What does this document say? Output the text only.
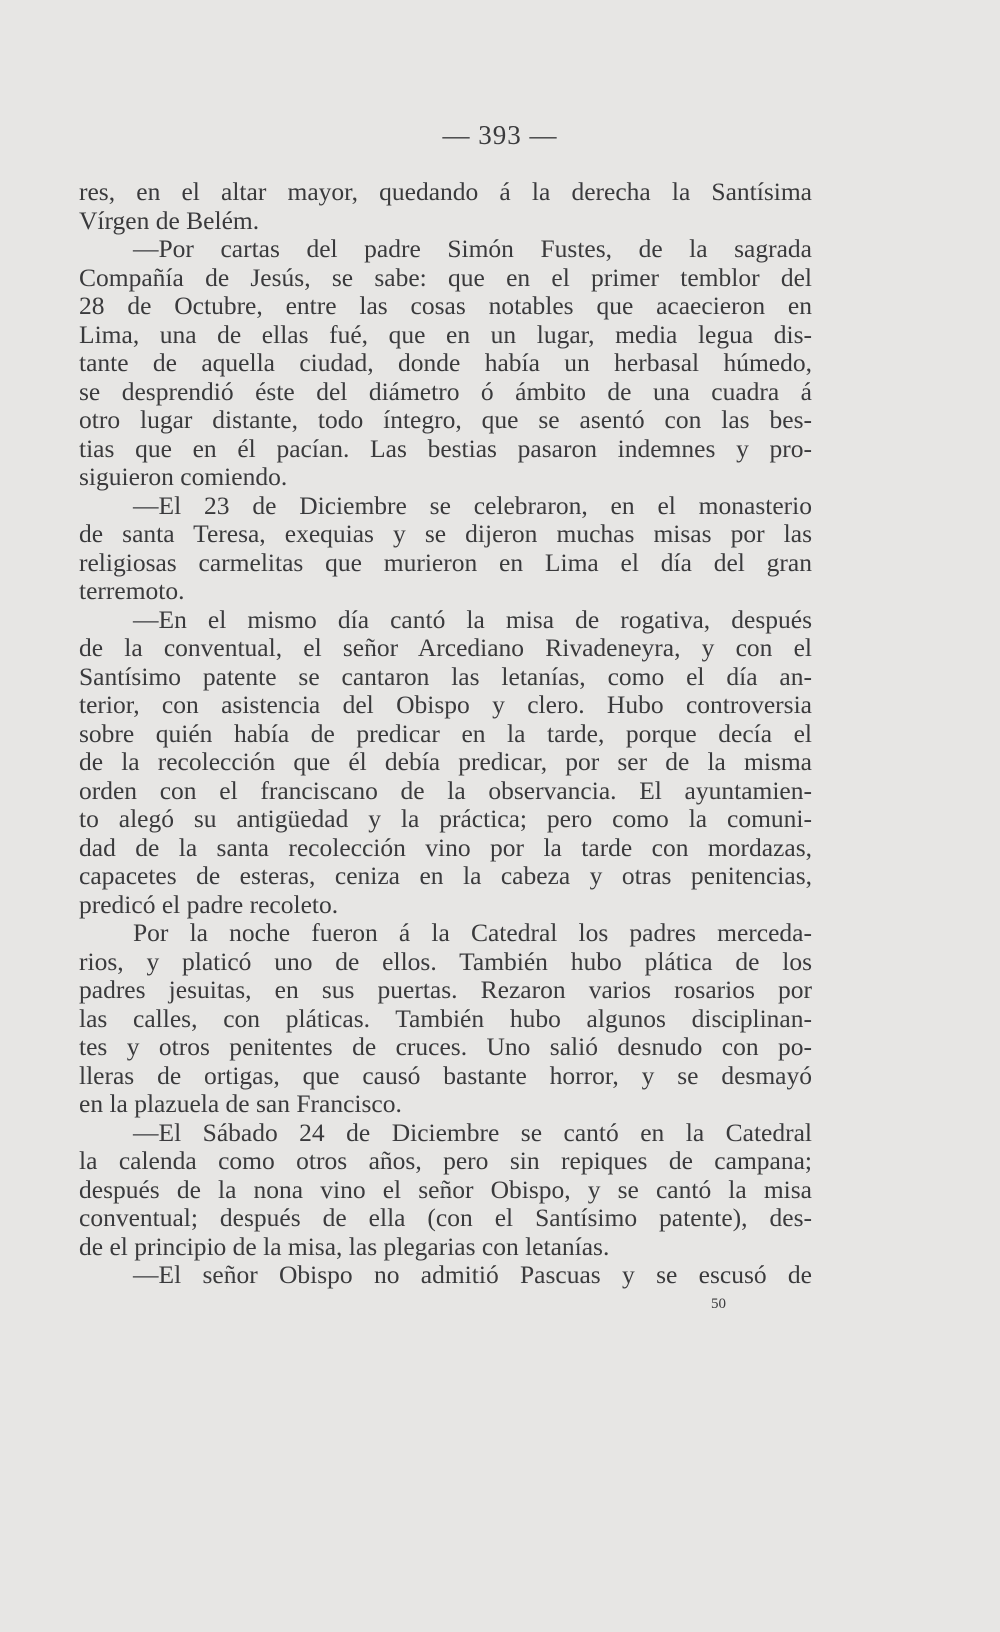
— 393 —
res, en el altar mayor, quedando á la derecha la Santísima
Vírgen de Belém.
—Por cartas del padre Simón Fustes, de la sagrada
Compañía de Jesús, se sabe: que en el primer temblor del
28 de Octubre, entre las cosas notables que acaecieron en
Lima, una de ellas fué, que en un lugar, media legua dis-
tante de aquella ciudad, donde había un herbasal húmedo,
se desprendió éste del diámetro ó ámbito de una cuadra á
otro lugar distante, todo íntegro, que se asentó con las bes-
tias que en él pacían. Las bestias pasaron indemnes y pro-
siguieron comiendo.
—El 23 de Diciembre se celebraron, en el monasterio
de santa Teresa, exequias y se dijeron muchas misas por las
religiosas carmelitas que murieron en Lima el día del gran
terremoto.
—En el mismo día cantó la misa de rogativa, después
de la conventual, el señor Arcediano Rivadeneyra, y con el
Santísimo patente se cantaron las letanías, como el día an-
terior, con asistencia del Obispo y clero. Hubo controversia
sobre quién había de predicar en la tarde, porque decía el
de la recolección que él debía predicar, por ser de la misma
orden con el franciscano de la observancia. El ayuntamien-
to alegó su antigüedad y la práctica; pero como la comuni-
dad de la santa recolección vino por la tarde con mordazas,
capacetes de esteras, ceniza en la cabeza y otras penitencias,
predicó el padre recoleto.
Por la noche fueron á la Catedral los padres merceda-
rios, y platicó uno de ellos. También hubo plática de los
padres jesuitas, en sus puertas. Rezaron varios rosarios por
las calles, con pláticas. También hubo algunos disciplinan-
tes y otros penitentes de cruces. Uno salió desnudo con po-
lleras de ortigas, que causó bastante horror, y se desmayó
en la plazuela de san Francisco.
—El Sábado 24 de Diciembre se cantó en la Catedral
la calenda como otros años, pero sin repiques de campana;
después de la nona vino el señor Obispo, y se cantó la misa
conventual; después de ella (con el Santísimo patente), des-
de el principio de la misa, las plegarias con letanías.
—El señor Obispo no admitió Pascuas y se escusó de
50
